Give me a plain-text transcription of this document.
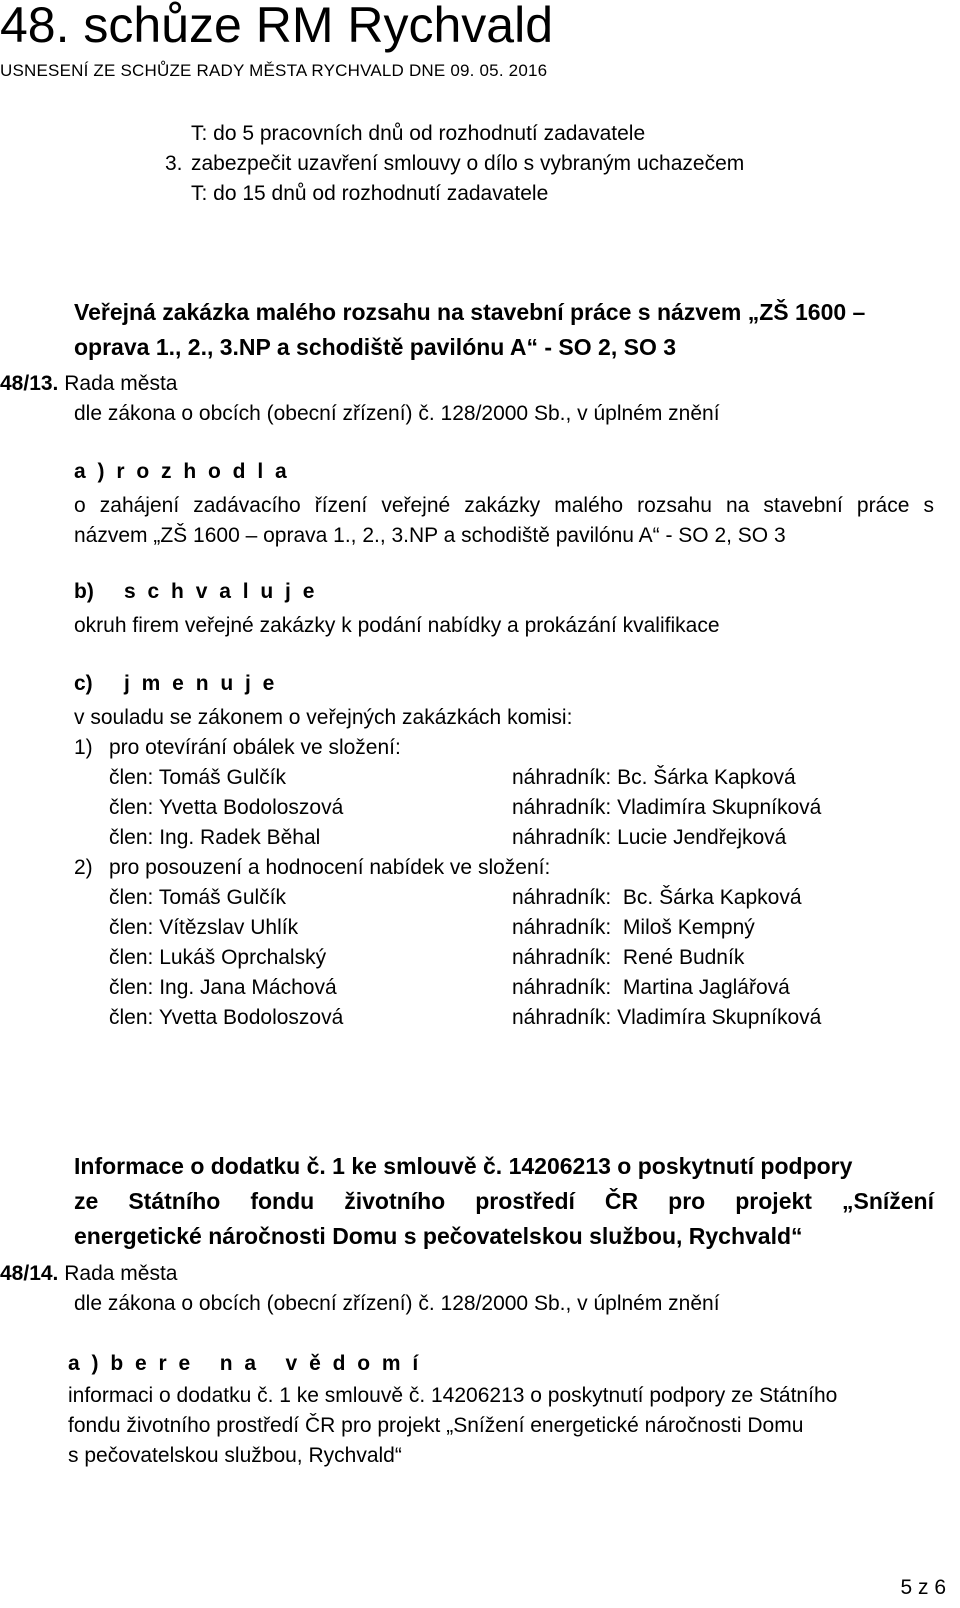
48. schůze RM Rychvald
USNESENÍ ZE SCHŮZE RADY MĚSTA RYCHVALD DNE 09. 05. 2016
T: do 5 pracovních dnů od rozhodnutí zadavatele
3. zabezpečit uzavření smlouvy o dílo s vybraným uchazečem
T: do 15 dnů od rozhodnutí zadavatele
Veřejná zakázka malého rozsahu na stavební práce s názvem „ZŠ 1600 –
oprava 1., 2., 3.NP a schodiště pavilónu A“ - SO 2, SO 3
48/13. Rada města
dle zákona o obcích (obecní zřízení) č. 128/2000 Sb., v úplném znění
a ) r o z h o d l a
o zahájení zadávacího řízení veřejné zakázky malého rozsahu na stavební práce s
názvem „ZŠ 1600 – oprava 1., 2., 3.NP a schodiště pavilónu A“ - SO 2, SO 3
b) s c h v a l u j e
okruh firem veřejné zakázky k podání nabídky a prokázání kvalifikace
c) j m e n u j e
v souladu se zákonem o veřejných zakázkách komisi:
1) pro otevírání obálek ve složení:
člen: Tomáš Gulčík	náhradník: Bc. Šárka Kapková
člen: Yvetta Bodoloszová	náhradník: Vladimíra Skupníková
člen: Ing. Radek Běhal	náhradník: Lucie Jendřejková
2) pro posouzení a hodnocení nabídek ve složení:
člen: Tomáš Gulčík	náhradník:  Bc. Šárka Kapková
člen: Vítězslav Uhlík	náhradník:  Miloš Kempný
člen: Lukáš Oprchalský	náhradník:  René Budník
člen: Ing. Jana Máchová	náhradník:  Martina Jaglářová
člen: Yvetta Bodoloszová	náhradník: Vladimíra Skupníková
Informace o dodatku č. 1 ke smlouvě č. 14206213 o poskytnutí podpory
ze Státního fondu životního prostředí ČR pro projekt „Snížení
energetické náročnosti Domu s pečovatelskou službou, Rychvald“
48/14. Rada města
dle zákona o obcích (obecní zřízení) č. 128/2000 Sb., v úplném znění
a ) b e r e   n a   v ě d o m í
informaci o dodatku č. 1 ke smlouvě č. 14206213 o poskytnutí podpory ze Státního
fondu životního prostředí ČR pro projekt „Snížení energetické náročnosti Domu
s pečovatelskou službou, Rychvald“
5 z 6
